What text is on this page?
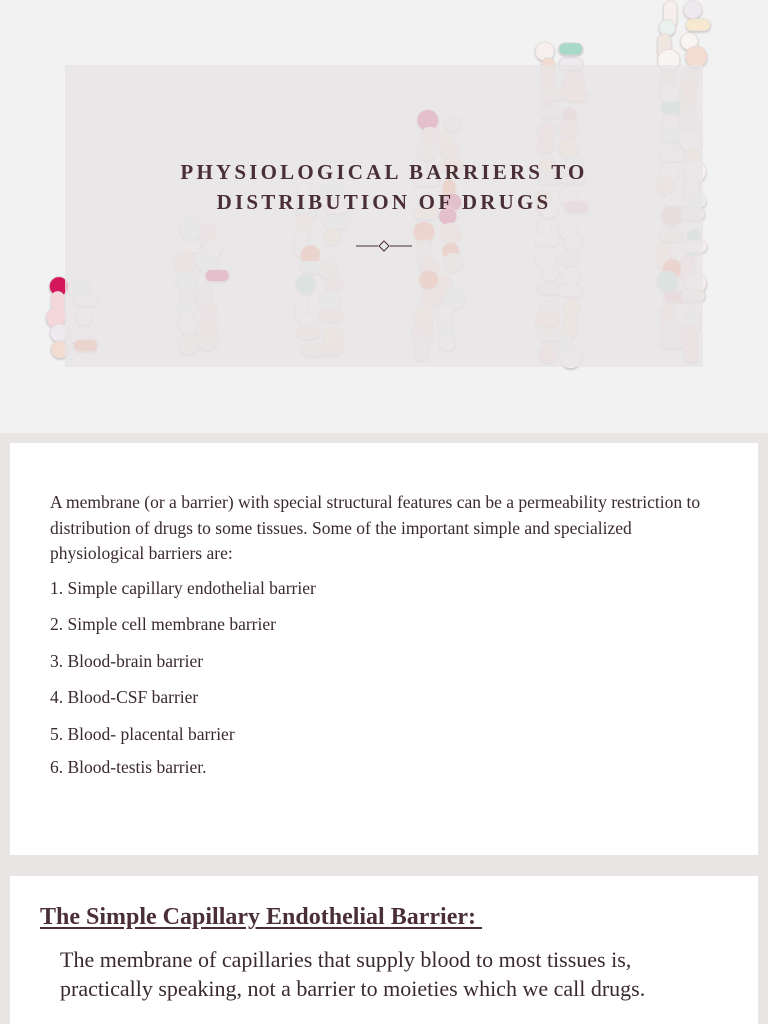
PHYSIOLOGICAL BARRIERS TO
DISTRIBUTION OF DRUGS

A membrane (or a barrier) with special structural features can be a permeability restriction to distribution of drugs to some tissues. Some of the important simple and specialized physiological barriers are:

1. Simple capillary endothelial barrier
2. Simple cell membrane barrier
3. Blood-brain barrier
4. Blood-CSF barrier
5. Blood- placental barrier
6. Blood-testis barrier.
The Simple Capillary Endothelial Barrier:

The membrane of capillaries that supply blood to most tissues is,
practically speaking, not a barrier to moieties which we call drugs.
